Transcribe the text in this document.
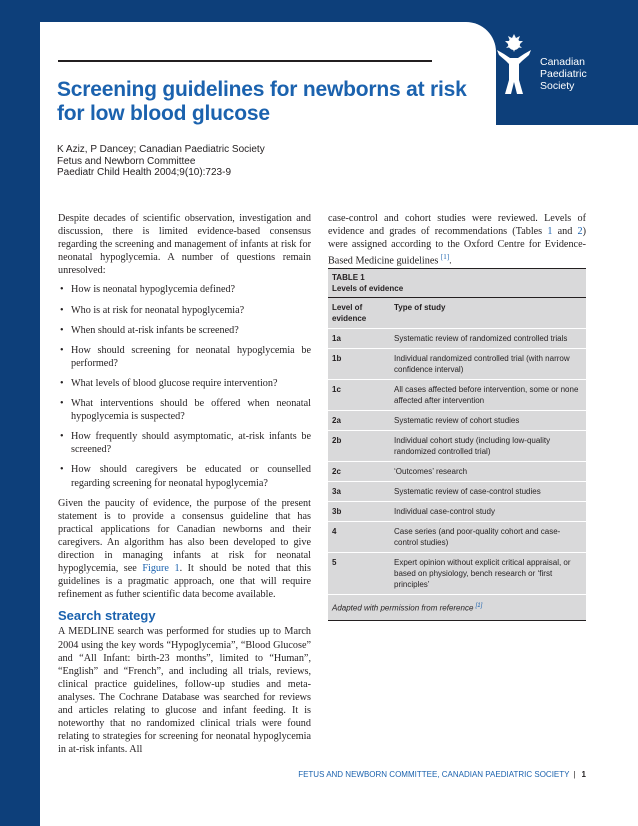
Canadian
Paediatric
Society
Screening guidelines for newborns at risk for low blood glucose
K Aziz, P Dancey; Canadian Paediatric Society
Fetus and Newborn Committee
Paediatr Child Health 2004;9(10):723-9

Despite decades of scientific observation, investigation and discussion, there is limited evidence-based consensus regarding the screening and management of infants at risk for neonatal hypoglycemia. A number of questions remain unresolved:

• How is neonatal hypoglycemia defined?
• Who is at risk for neonatal hypoglycemia?
• When should at-risk infants be screened?
• How should screening for neonatal hypoglycemia be performed?
• What levels of blood glucose require intervention?
• What interventions should be offered when neonatal hypoglycemia is suspected?
• How frequently should asymptomatic, at-risk infants be screened?
• How should caregivers be educated or counselled regarding screening for neonatal hypoglycemia?

Given the paucity of evidence, the purpose of the present statement is to provide a consensus guideline that has practical applications for Canadian newborns and their caregivers. An algorithm has also been developed to give direction in managing infants at risk for neonatal hypoglycemia, see Figure 1. It should be noted that this guidelines is a pragmatic approach, one that will require refinement as futher scientific data become available.

Search strategy

A MEDLINE search was performed for studies up to March 2004 using the key words “Hypoglycemia”, “Blood Glucose” and “All Infant: birth-23 months”, limited to “Human”, “English” and “French”, and including all trials, reviews, clinical practice guidelines, follow-up studies and meta-analyses. The Cochrane Database was searched for reviews and articles relating to glucose and infant feeding. It is noteworthy that no randomized clinical trials were found relating to strategies for screening for neonatal hypoglycemia in at-risk infants. All

case-control and cohort studies were reviewed. Levels of evidence and grades of recommendations (Tables 1 and 2) were assigned according to the Oxford Centre for Evidence-Based Medicine guidelines [1].

TABLE 1
Levels of evidence
Level of evidence
Type of study
1a	Systematic review of randomized controlled trials
1b	Individual randomized controlled trial (with narrow confidence interval)
1c	All cases affected before intervention, some or none affected after intervention
2a	Systematic review of cohort studies
2b	Individual cohort study (including low-quality randomized controlled trial)
2c	‘Outcomes’ research
3a	Systematic review of case-control studies
3b	Individual case-control study
4	Case series (and poor-quality cohort and case-control studies)
5	Expert opinion without explicit critical appraisal, or based on physiology, bench research or ‘first principles’
Adapted with permission from reference [1]
FETUS AND NEWBORN COMMITTEE, CANADIAN PAEDIATRIC SOCIETY | 1
